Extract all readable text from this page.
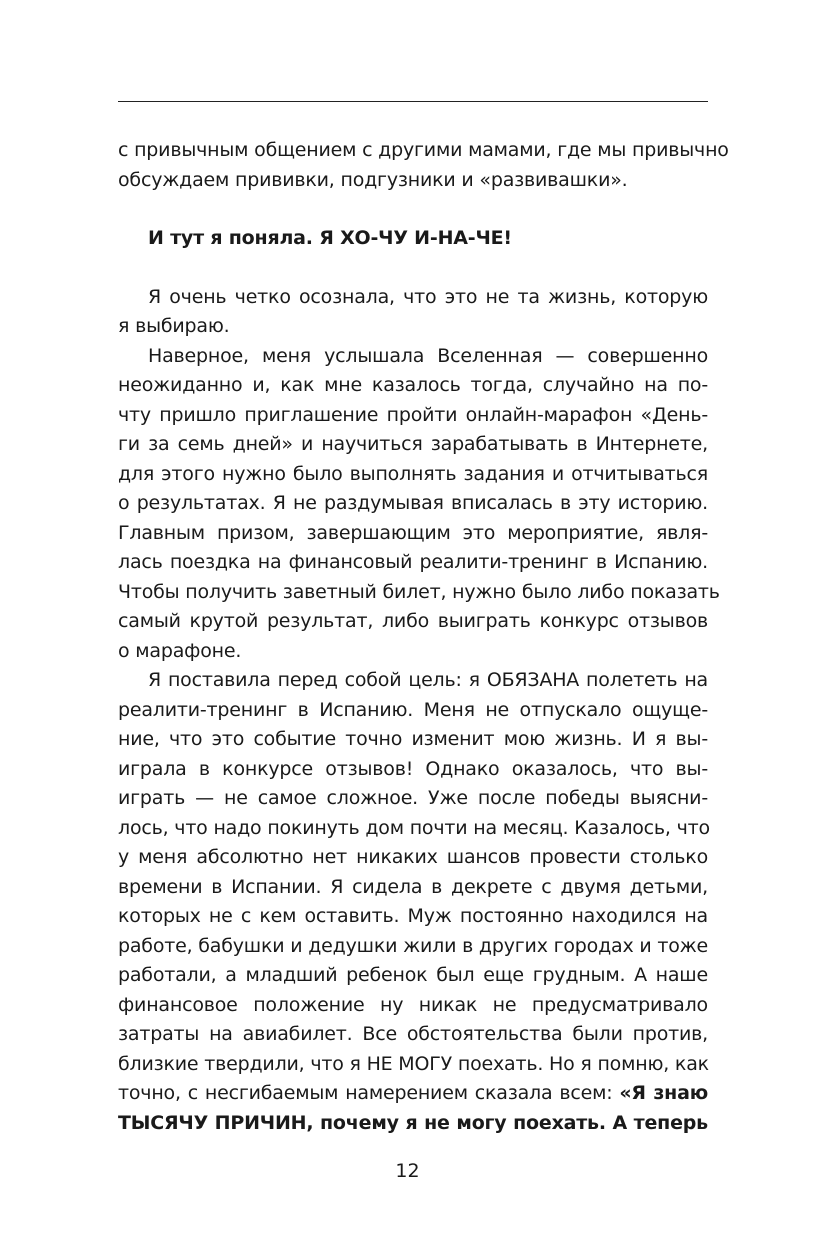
с привычным общением с другими мамами, где мы привычно
обсуждаем прививки, подгузники и «развивашки».
И тут я поняла. Я ХО-ЧУ И-НА-ЧЕ!
Я очень четко осознала, что это не та жизнь, которую
я выбираю.
Наверное, меня услышала Вселенная — совершенно
неожиданно и, как мне казалось тогда, случайно на по-
чту пришло приглашение пройти онлайн-марафон «День-
ги за семь дней» и научиться зарабатывать в Интернете,
для этого нужно было выполнять задания и отчитываться
о результатах. Я не раздумывая вписалась в эту историю.
Главным призом, завершающим это мероприятие, явля-
лась поездка на финансовый реалити-тренинг в Испанию.
Чтобы получить заветный билет, нужно было либо показать
самый крутой результат, либо выиграть конкурс отзывов
о марафоне.
Я поставила перед собой цель: я ОБЯЗАНА полететь на
реалити-тренинг в Испанию. Меня не отпускало ощуще-
ние, что это событие точно изменит мою жизнь. И я вы-
играла в конкурсе отзывов! Однако оказалось, что вы-
играть — не самое сложное. Уже после победы выясни-
лось, что надо покинуть дом почти на месяц. Казалось, что
у меня абсолютно нет никаких шансов провести столько
времени в Испании. Я сидела в декрете с двумя детьми,
которых не с кем оставить. Муж постоянно находился на
работе, бабушки и дедушки жили в других городах и тоже
работали, а младший ребенок был еще грудным. А наше
финансовое положение ну никак не предусматривало
затраты на авиабилет. Все обстоятельства были против,
близкие твердили, что я НЕ МОГУ поехать. Но я помню, как
точно, с несгибаемым намерением сказала всем: «Я знаю
ТЫСЯЧУ ПРИЧИН, почему я не могу поехать. А теперь
12
